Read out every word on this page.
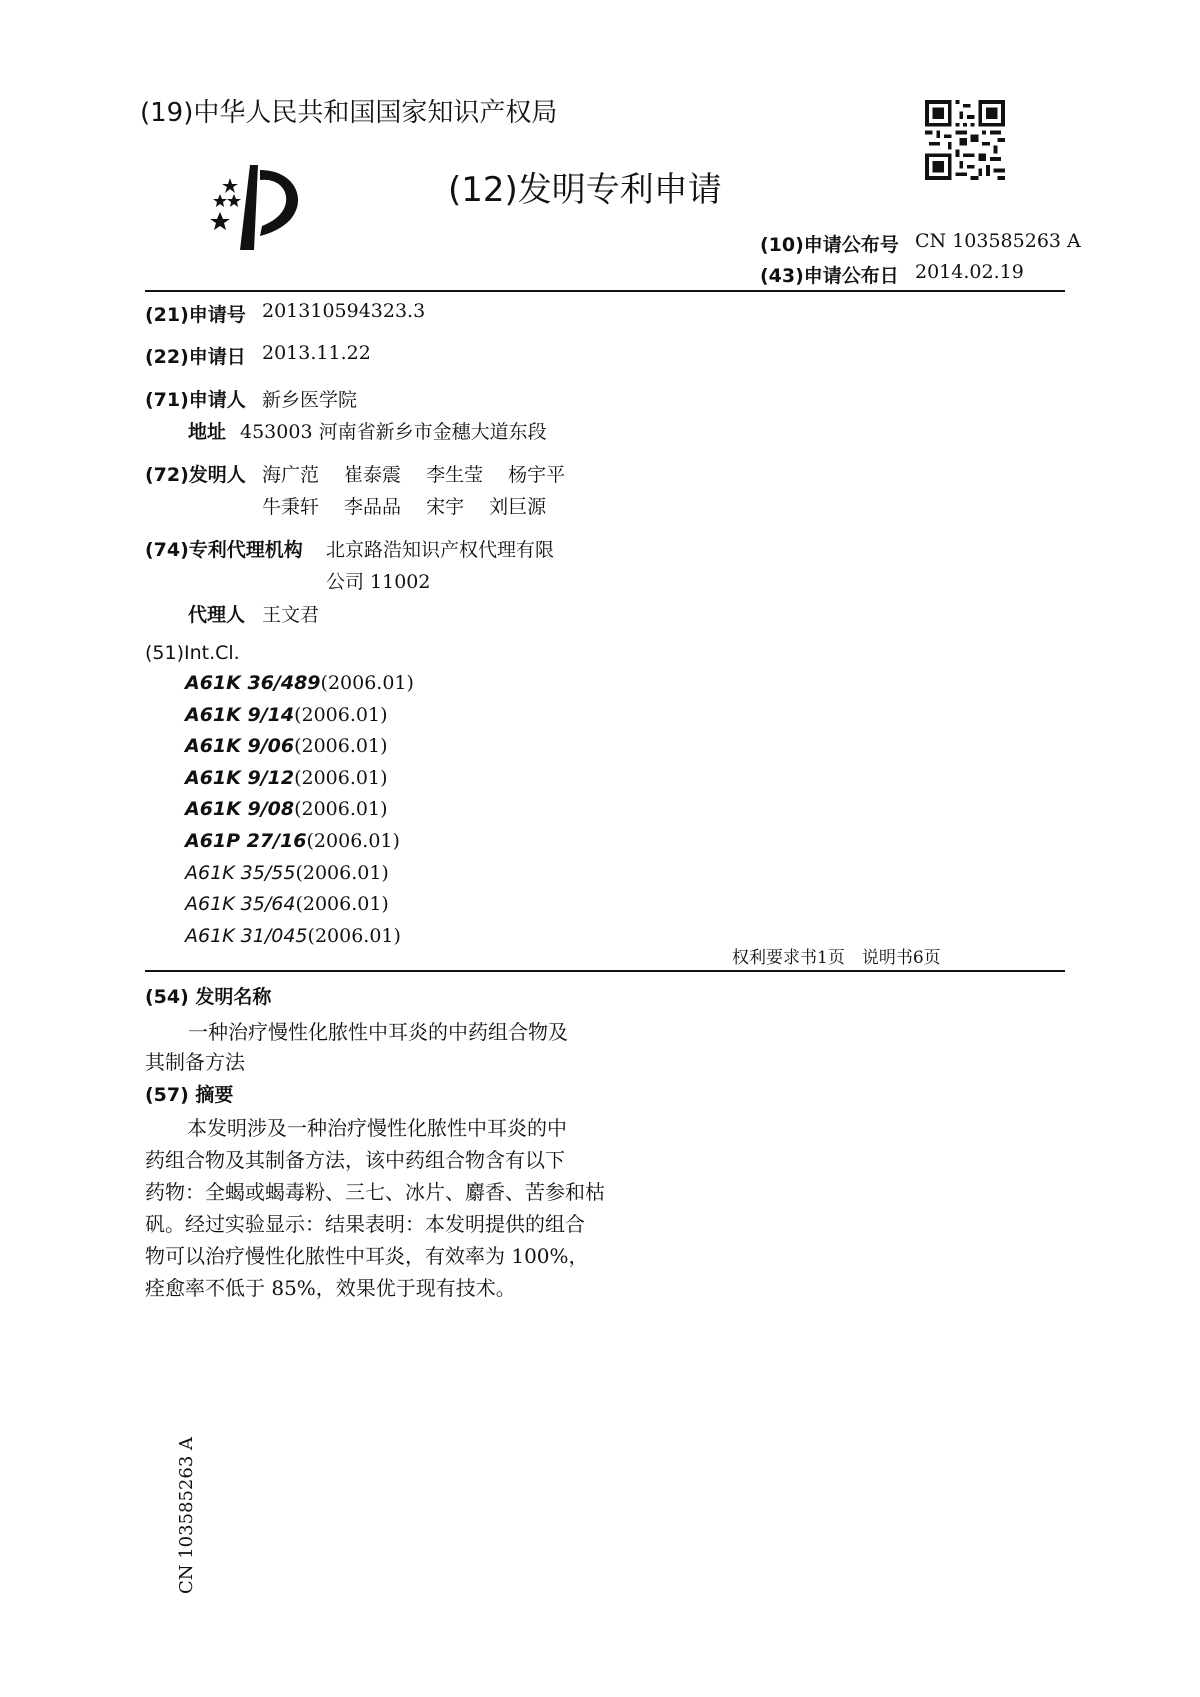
(19)中华人民共和国国家知识产权局
(12)发明专利申请
(10)申请公布号 CN 103585263 A
(43)申请公布日 2014.02.19
(21)申请号 201310594323.3
(22)申请日 2013.11.22
(71)申请人 新乡医学院
地址 453003 河南省新乡市金穗大道东段
(72)发明人 海广范　 崔泰震　 李生莹　 杨宇平
牛秉轩　 李品品　 宋宇　 刘巨源
(74)专利代理机构 北京路浩知识产权代理有限
公司 11002
代理人 王文君
(51)Int.Cl.
A61K 36/489(2006.01)
A61K 9/14(2006.01)
A61K 9/06(2006.01)
A61K 9/12(2006.01)
A61K 9/08(2006.01)
A61P 27/16(2006.01)
A61K 35/55(2006.01)
A61K 35/64(2006.01)
A61K 31/045(2006.01)
权利要求书1页　说明书6页
(54) 发明名称
一种治疗慢性化脓性中耳炎的中药组合物及
其制备方法
(57) 摘要

本发明涉及一种治疗慢性化脓性中耳炎的中

药组合物及其制备方法，该中药组合物含有以下

药物：全蝎或蝎毒粉、三七、冰片、麝香、苦参和枯

矾。经过实验显示：结果表明：本发明提供的组合

物可以治疗慢性化脓性中耳炎，有效率为 100%，

痊愈率不低于 85%，效果优于现有技术。

CN 103585263 A
